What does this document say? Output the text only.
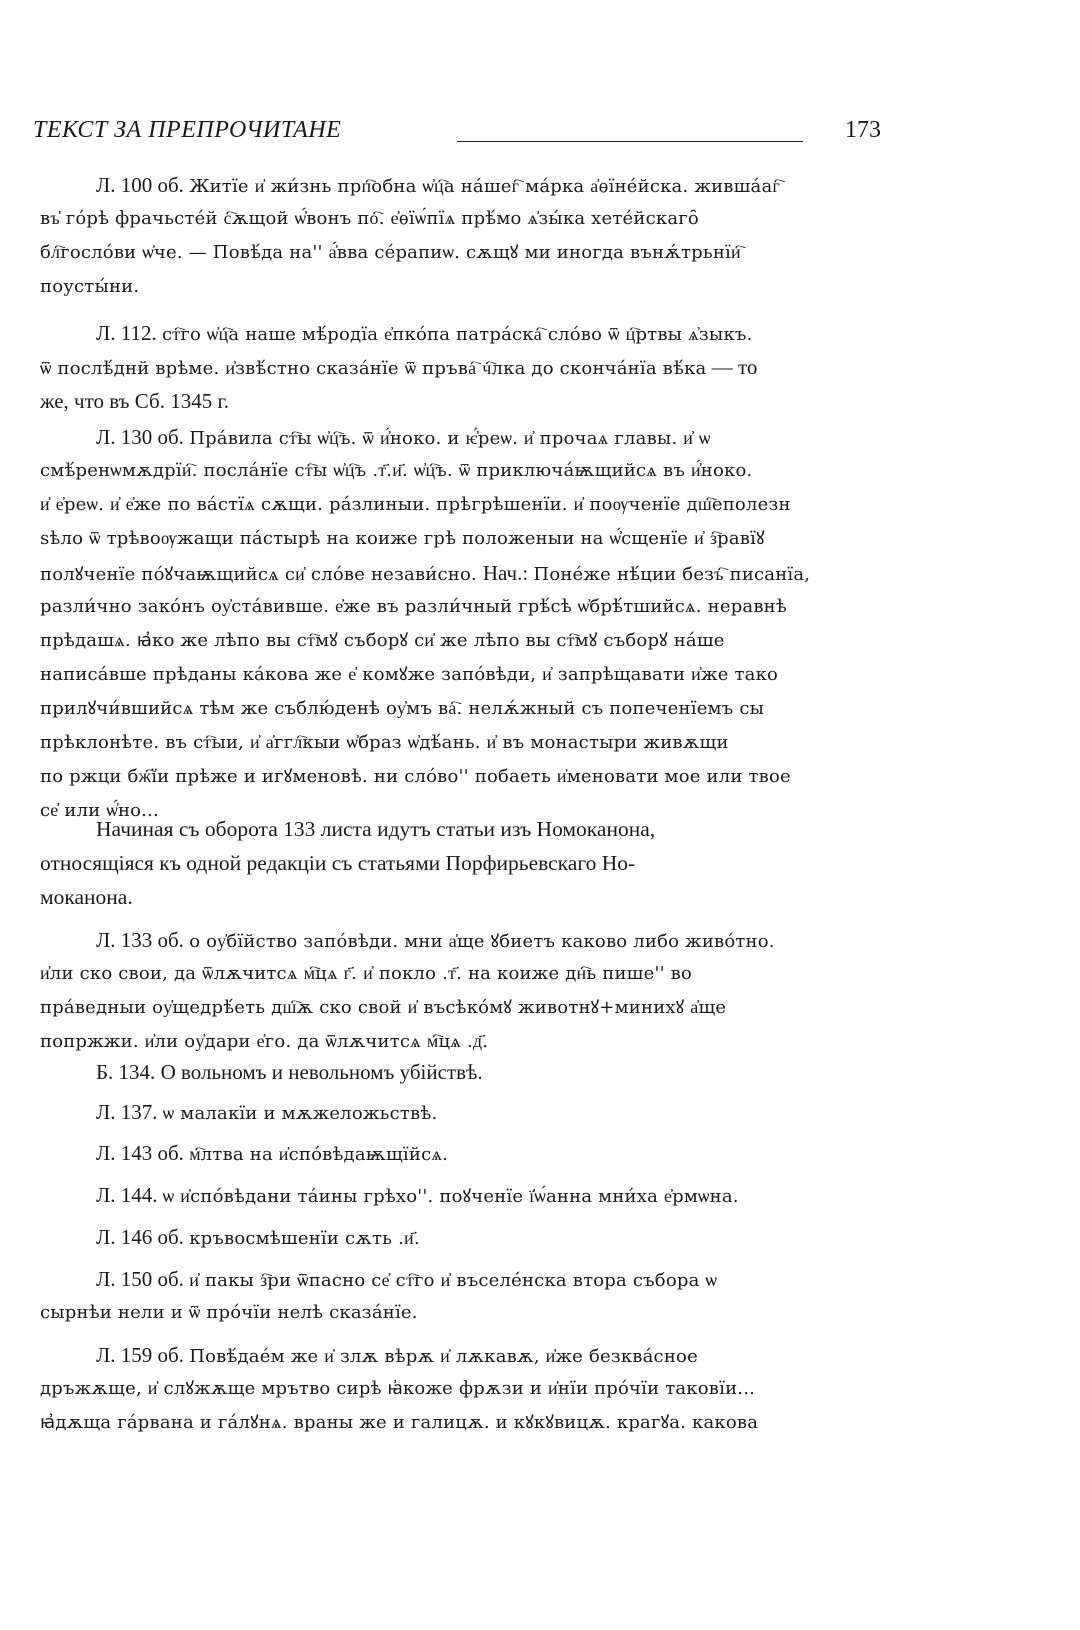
ТЕКСТ ЗА ПРЕПРОЧИТАНЕ	173
Л. 100 об. Житїе и҆ жи́знь прп҇обна ѡ҆ц҇а на́шег҇ ма́рка а҆ѳїне́йска. живша́аг҇
въ҆ го́рѣ фрачьсте́й с҇ѫщой ѡ҆́вонъ по҇. е҆ѳїѡ́пїѧ прѣ́мо ѧ҆зы́ка хете́йскаго̑
бл҇госло́ви ѡ҆че. — Повѣ́да на'' а҆́вва се́рапиѡ. сѫщꙋ ми иногда вънѫ́трьнїи҇
поусты́ни.
Л. 112. ст҇го ѡ҆ц҇а наше мѣ́родїа е҆пко́па патра́ска҇ сло́во ѿ ц҇ртвы ѧ҆зыкъ.
ѿ послѣ́днй врѣме. и҆звѣ́стно сказа́нїе ѿ пръва҇ ч҇лка до сконча́нїа вѣ́ка — то
же, что въ Сб. 1345 г.
Л. 130 об. Пра́вила ст҇ы ѡ҆ц҇ъ. ѿ и҆́ноко. и ѥ҆́реѡ. и҆ прочаѧ главы. и҆ ѡ
смѣ́ренѡмѫдрїи҇. посла́нїе ст҇ы ѡ҆ц҇ъ .т҃.и҃. ѡ҆ц҇ъ. ѿ приключа́ѭщийсѧ въ и҆́ноко.
и҆ е҆реѡ. и҆ е҆же по ва́стїѧ сѫщи. ра́злиныи. прѣгрѣшенїи. и҆ поѹченїе дш҇еполезн
ѕѣло ѿ трѣвоѹжащи па́стырѣ на коиже грѣ положеныи на ѡ҆́сщенїе и҆ з҇равїꙋ
полꙋченїе по́ꙋчаѭщийсѧ си҆ сло́ве незави́сно. Нач.: Поне́же нѣ́ции безъ҇ писанїа,
разли́чно зако́нъ оу҆ста́вивше. е҆же въ разли́чный грѣ́сѣ ѡ҆брѣ́тшийсѧ. неравнѣ
прѣдашѧ. ꙗ҆ко же лѣпо вы ст҇мꙋ съборꙋ си҆ же лѣпо вы ст҇мꙋ съборꙋ на́ше
написа́вше прѣданы ка́кова же е҆ комꙋже запо́вѣди, и҆ запрѣщавати и҆же тако
прилꙋчи́вшийсѧ тѣм же съблю́денѣ оу҆мъ ва҇. нелѫ́жный съ попеченїемъ сы
прѣклонѣте. въ ст҇ыи, и҆ а҆ггл҇кыи ѡ҆браз ѡ҆дѣ́ань. и҆ въ монастыри живѫщи
по ржци бж҇їи прѣже и игꙋменовѣ. ни сло́во'' побаеть и҆меновати мое или твое
се҆ или ѡ҆́но...
Начиная съ оборота 133 листа идутъ статьи изъ Номоканона,
относящiяся къ одной редакцiи съ статьями Порфирьевскаго Но-
моканона.
Л. 133 об. о оу҆бїйство запо́вѣди. мни а҆ще ꙋбиетъ каково либо живо́тно.
и҆ли ско свои, да ѿлѫчитсѧ м҇цѧ г҃. и҆ покло .т҃. на коиже дн҇ь пише'' во
пра́ведныи оу҆щедрѣ́еть дш҇ѫ ско свой и҆ въсѣко́мꙋ животнꙋ+минихꙋ а҆ще
попржжи. и҆ли оу҆дари е҆го. да ѿлѫчитсѧ м҇цѧ .д҃.
Б. 134. О вольномъ и невольномъ убiйствѣ.
Л. 137. ѡ малакїи и мѫжеложьствѣ.
Л. 143 об. м҇лтва на и҆спо́вѣдаѭщїйсѧ.
Л. 144. ѡ и҆спо́вѣдани та́ины грѣхо''. поꙋченїе ї҆ѡ́анна мни́ха е҆рмѡна.
Л. 146 об. кръвосмѣшенїи сѫть .и҃.
Л. 150 об. и҆ пакы з҇ри ѿпасно се҆ ст҇го и҆ въселе́нска втора събора ѡ
сырнѣи нели и ѿ про́чїи нелѣ сказа́нїе.
Л. 159 об. Повѣ́дае́м же и҆ злѫ вѣрѫ и҆ лѫкавѫ, и҆же безква́сное
дръжѫще, и҆ слꙋжѫще мрътво сирѣ ꙗ҆коже фрѫзи и и҆нїи про́чїи таковїи...
ꙗ҆дѫща га́рвана и га́лꙋнѧ. враны же и галицѫ. и кꙋкꙋвицѫ. крагꙋа. какова
